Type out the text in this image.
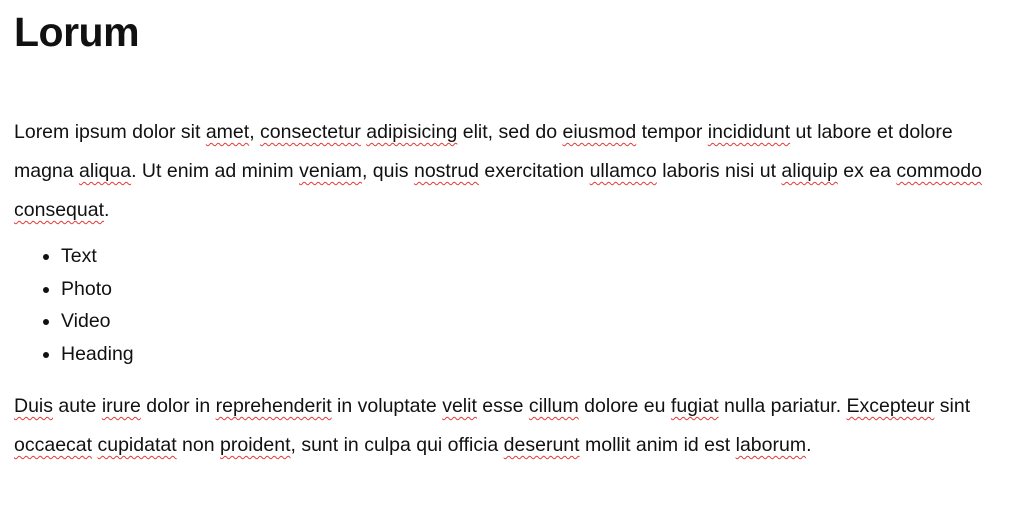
Lorum

Lorem ipsum dolor sit amet, consectetur adipisicing elit, sed do eiusmod tempor incididunt ut labore et dolore magna aliqua. Ut enim ad minim veniam, quis nostrud exercitation ullamco laboris nisi ut aliquip ex ea commodo consequat.

• Text
• Photo
• Video
• Heading

Duis aute irure dolor in reprehenderit in voluptate velit esse cillum dolore eu fugiat nulla pariatur. Excepteur sint occaecat cupidatat non proident, sunt in culpa qui officia deserunt mollit anim id est laborum.
